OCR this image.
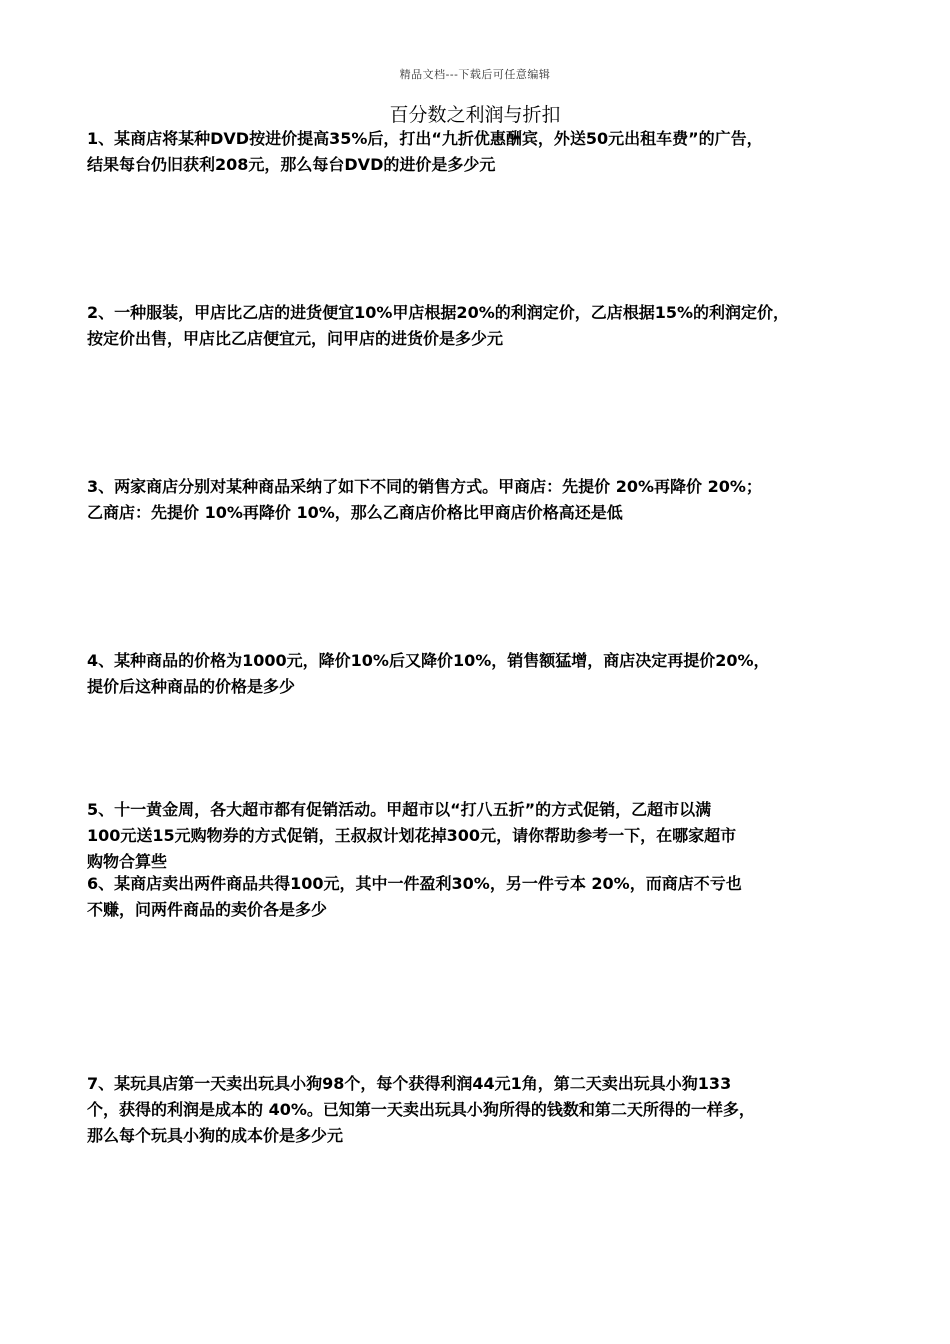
精品文档---下载后可任意编辑
百分数之利润与折扣
1、某商店将某种DVD按进价提高35%后，打出“九折优惠酬宾，外送50元出租车费”的广告，
结果每台仍旧获利208元，那么每台DVD的进价是多少元
2、一种服装，甲店比乙店的进货便宜10%甲店根据20%的利润定价，乙店根据15%的利润定价，
按定价出售，甲店比乙店便宜元，问甲店的进货价是多少元
3、两家商店分别对某种商品采纳了如下不同的销售方式。甲商店：先提价 20%再降价 20%；
乙商店：先提价 10%再降价 10%，那么乙商店价格比甲商店价格高还是低
4、某种商品的价格为1000元，降价10%后又降价10%，销售额猛增，商店决定再提价20%，
提价后这种商品的价格是多少
5、十一黄金周，各大超市都有促销活动。甲超市以“打八五折”的方式促销，乙超市以满
100元送15元购物券的方式促销，王叔叔计划花掉300元，请你帮助参考一下，在哪家超市
购物合算些
6、某商店卖出两件商品共得100元，其中一件盈利30%，另一件亏本 20%，而商店不亏也
不赚，问两件商品的卖价各是多少
7、某玩具店第一天卖出玩具小狗98个，每个获得利润44元1角，第二天卖出玩具小狗133
个，获得的利润是成本的 40%。已知第一天卖出玩具小狗所得的钱数和第二天所得的一样多，
那么每个玩具小狗的成本价是多少元
